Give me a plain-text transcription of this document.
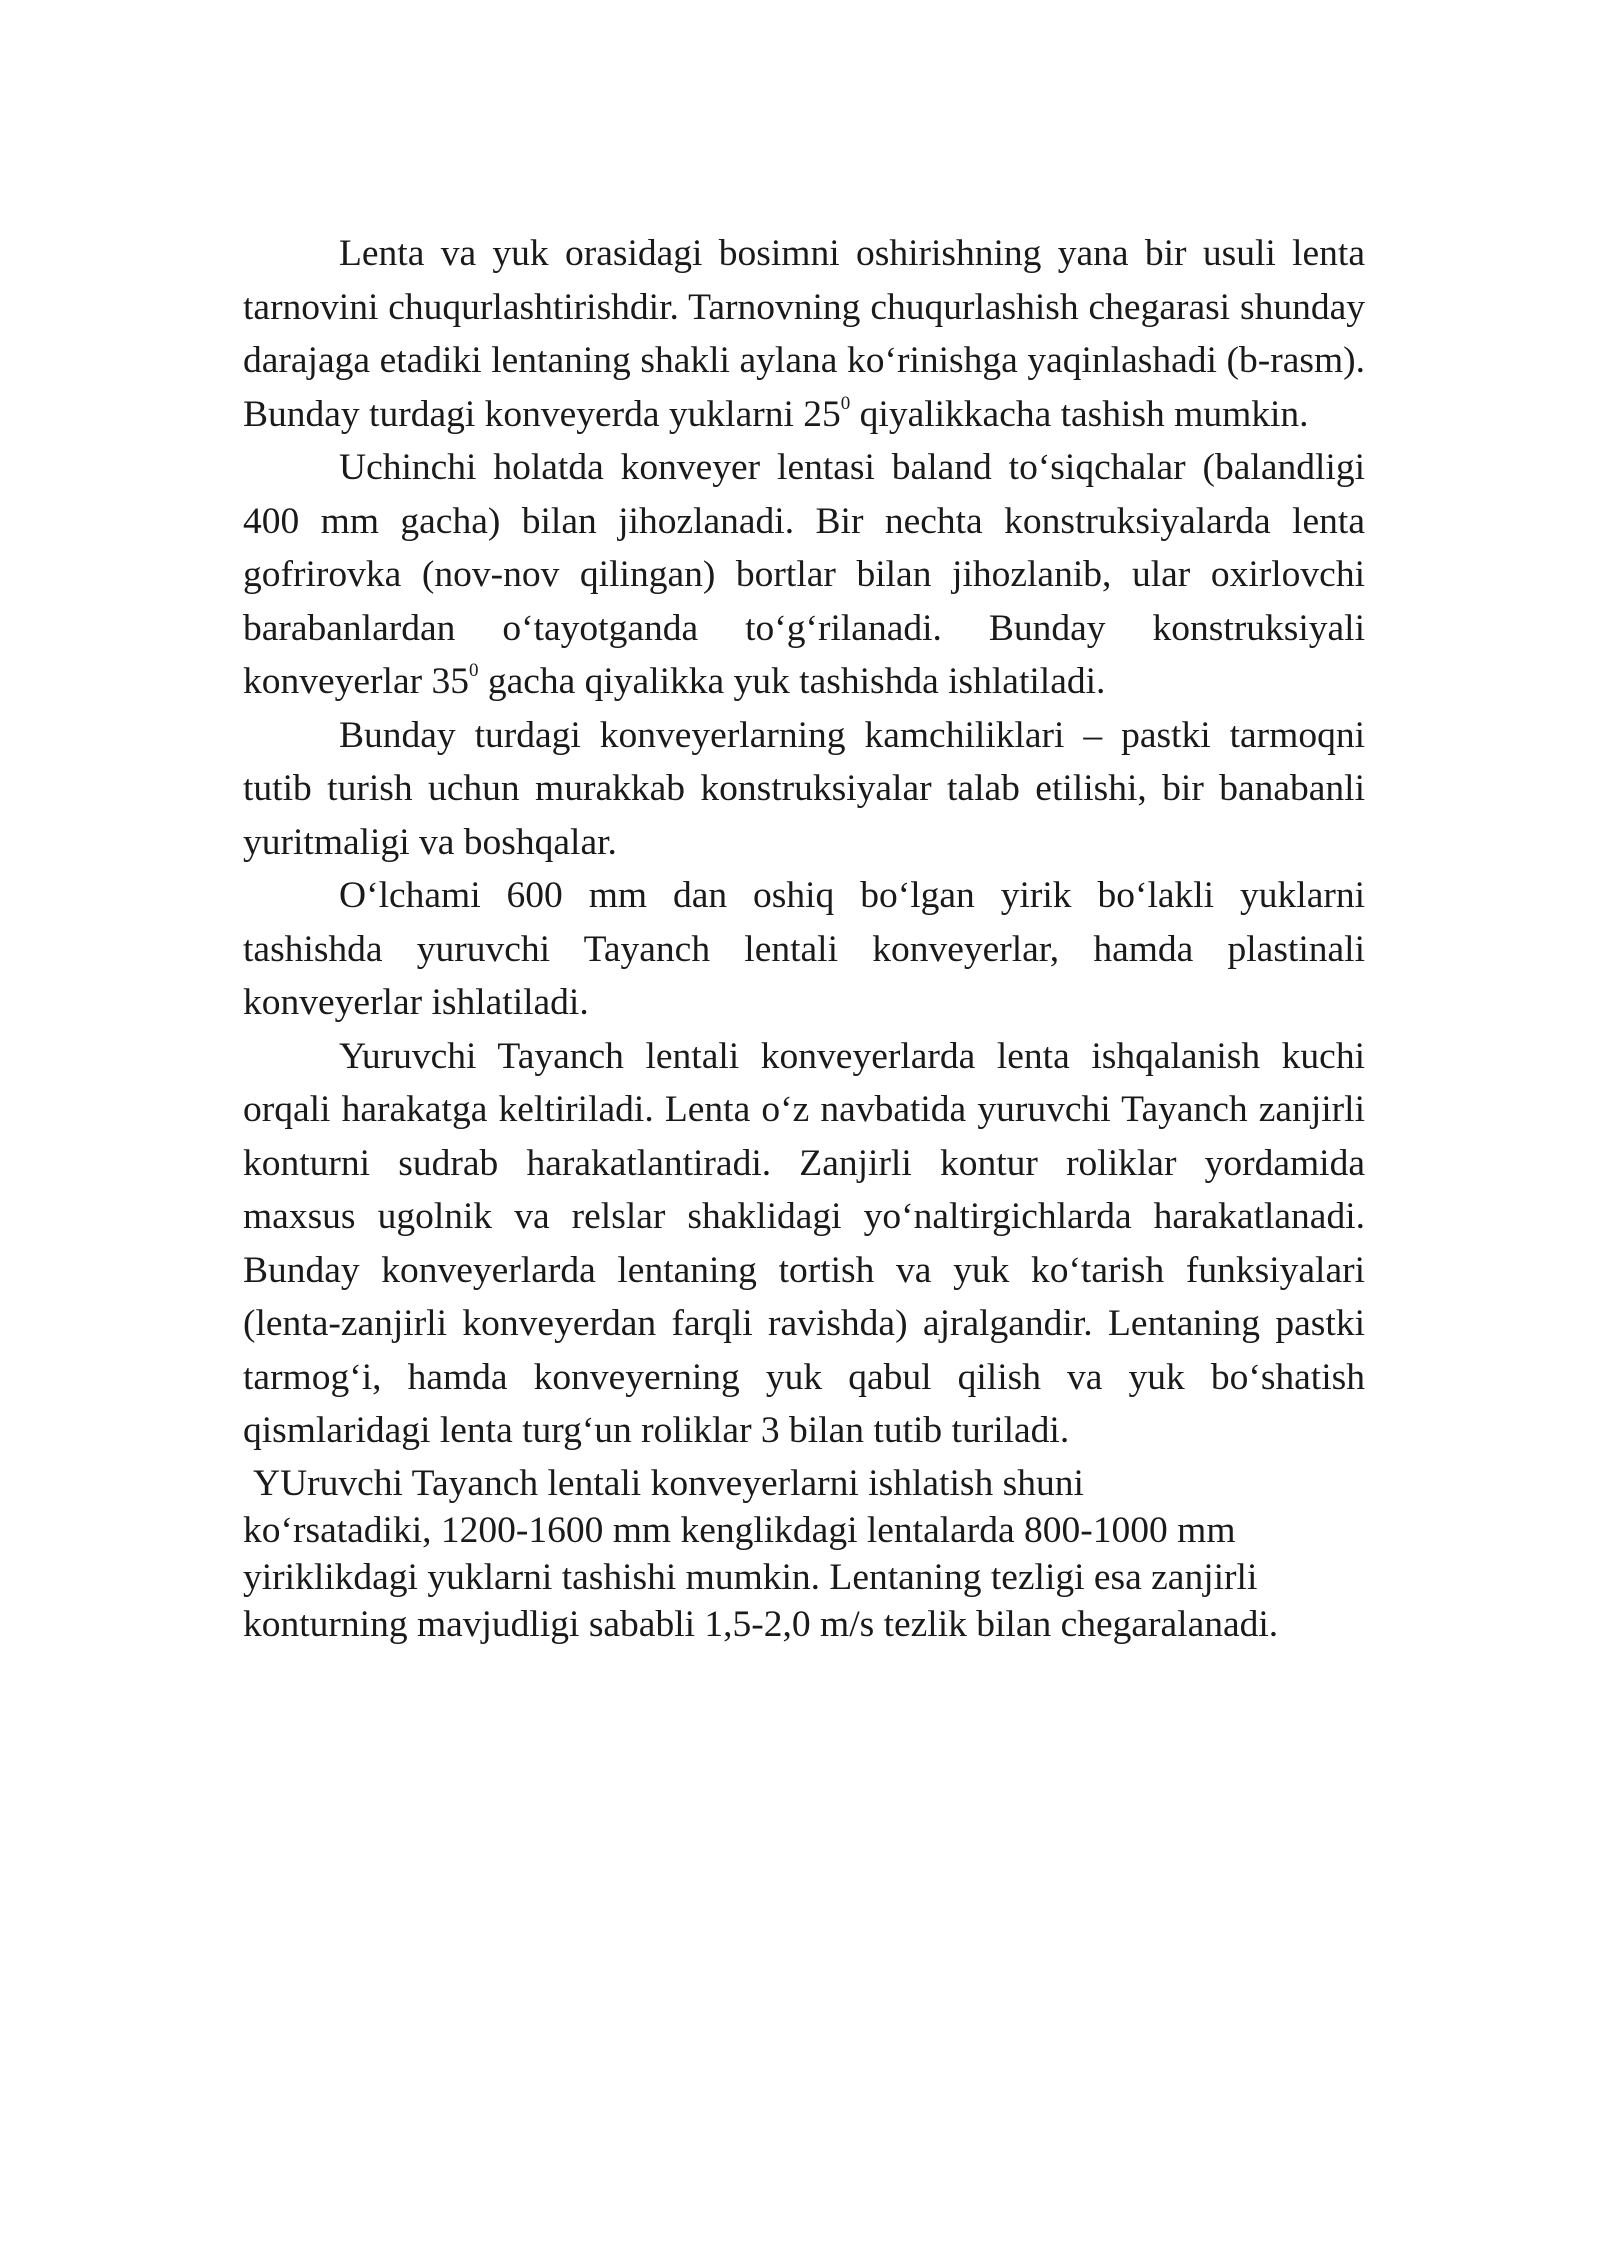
Lenta va yuk orasidagi bosimni oshirishning yana bir usuli lenta tarnovini chuqurlashtirishdir. Tarnovning chuqurlashish chegarasi shunday darajaga etadiki lentaning shakli aylana ko‘rinishga yaqinlashadi (b-rasm). Bunday turdagi konveyerda yuklarni $25^0$ qiyalikkacha tashish mumkin.

Uchinchi holatda konveyer lentasi baland to‘siqchalar (balandligi 400 mm gacha) bilan jihozlanadi. Bir nechta konstruksiyalarda lenta gofrirovka (nov-nov qilingan) bortlar bilan jihozlanib, ular oxirlovchi barabanlardan o‘tayotganda to‘g‘rilanadi. Bunday konstruksiyali konveyerlar $35^0$ gacha qiyalikka yuk tashishda ishlatiladi.

Bunday turdagi konveyerlarning kamchiliklari – pastki tarmoqni tutib turish uchun murakkab konstruksiyalar talab etilishi, bir banabanli yuritmaligi va boshqalar.

O‘lchami 600 mm dan oshiq bo‘lgan yirik bo‘lakli yuklarni tashishda yuruvchi Tayanch lentali konveyerlar, hamda plastinali konveyerlar ishlatiladi.

Yuruvchi Tayanch lentali konveyerlarda lenta ishqalanish kuchi orqali harakatga keltiriladi. Lenta o‘z navbatida yuruvchi Tayanch zanjirli konturni sudrab harakatlantiradi. Zanjirli kontur roliklar yordamida maxsus ugolnik va relslar shaklidagi yo‘naltirgichlarda harakatlanadi. Bunday konveyerlarda lentaning tortish va yuk ko‘tarish funksiyalari (lenta-zanjirli konveyerdan farqli ravishda) ajralgandir. Lentaning pastki tarmog‘i, hamda konveyerning yuk qabul qilish va yuk bo‘shatish qismlaridagi lenta turg‘un roliklar 3 bilan tutib turiladi.

YUruvchi Tayanch lentali konveyerlarni ishlatish shuni
ko‘rsatadiki, 1200-1600 mm kenglikdagi lentalarda 800-1000 mm
yiriklikdagi yuklarni tashishi mumkin. Lentaning tezligi esa zanjirli
konturning mavjudligi sababli 1,5-2,0 m/s tezlik bilan chegaralanadi.
